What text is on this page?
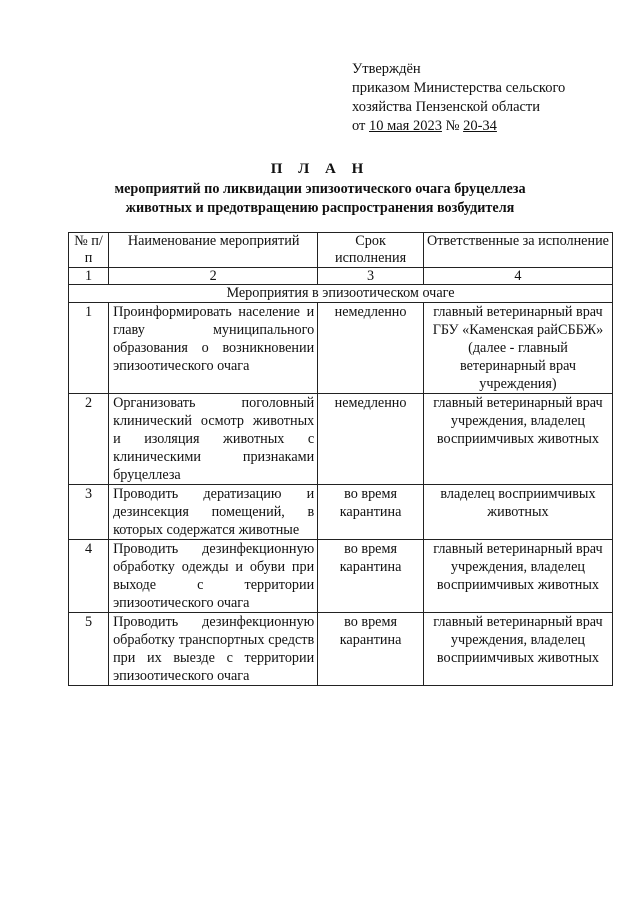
Утверждён
приказом Министерства сельского
хозяйства Пензенской области
от 10 мая 2023 № 20-34
П Л А Н
мероприятий по ликвидации эпизоотического очага бруцеллеза
животных и предотвращению распространения возбудителя
№ п/п	Наименование мероприятий	Срок исполнения	Ответственные за исполнение
1	2	3	4
Мероприятия в эпизоотическом очаге			
1	Проинформировать население и главу муниципального образования о возникновении эпизоотического очага	немедленно	главный ветеринарный врач ГБУ «Каменская райСББЖ» (далее - главный ветеринарный врач учреждения)
2	Организовать поголовный клинический осмотр животных и изоляция животных с клиническими признаками бруцеллеза	немедленно	главный ветеринарный врач учреждения, владелец восприимчивых животных
3	Проводить дератизацию и дезинсекция помещений, в которых содержатся животные	во время карантина	владелец восприимчивых животных
4	Проводить дезинфекционную обработку одежды и обуви при выходе с территории эпизоотического очага	во время карантина	главный ветеринарный врач учреждения, владелец восприимчивых животных
5	Проводить дезинфекционную обработку транспортных средств при их выезде с территории эпизоотического очага	во время карантина	главный ветеринарный врач учреждения, владелец восприимчивых животных
